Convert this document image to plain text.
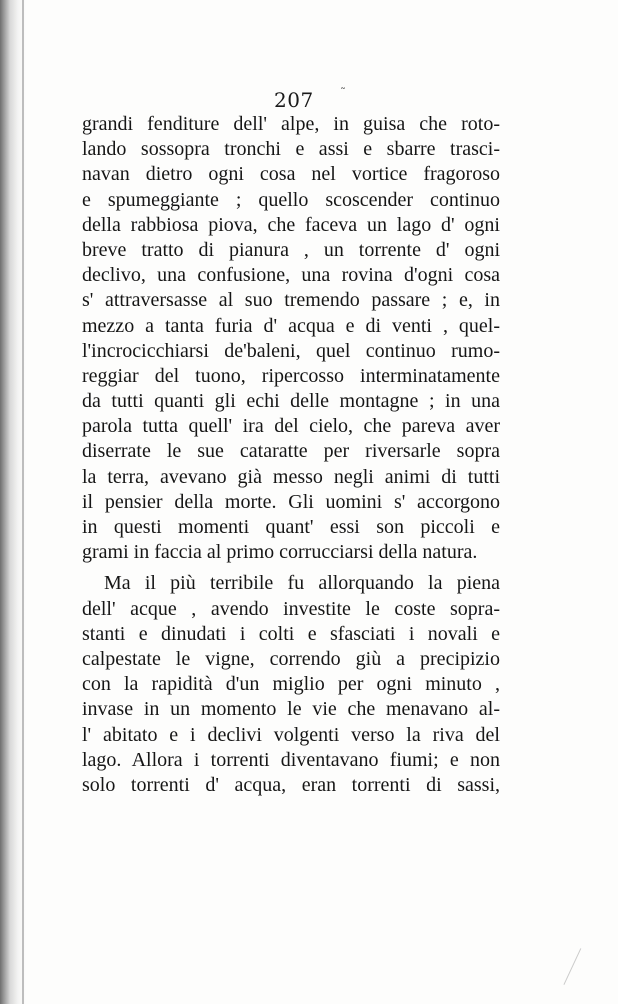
207 ˜
grandi fenditure dell' alpe, in guisa che roto-
lando sossopra tronchi e assi e sbarre trasci-
navan dietro ogni cosa nel vortice fragoroso
e spumeggiante ; quello scoscender continuo
della rabbiosa piova, che faceva un lago d' ogni
breve tratto di pianura , un torrente d' ogni
declivo, una confusione, una rovina d'ogni cosa
s' attraversasse al suo tremendo passare ; e, in
mezzo a tanta furia d' acqua e di venti , quel-
l'incrocicchiarsi de'baleni, quel continuo rumo-
reggiar del tuono, ripercosso interminatamente
da tutti quanti gli echi delle montagne ; in una
parola tutta quell' ira del cielo, che pareva aver
diserrate le sue cataratte per riversarle sopra
la terra, avevano già messo negli animi di tutti
il pensier della morte. Gli uomini s' accorgono
in questi momenti quant' essi son piccoli e
grami in faccia al primo corrucciarsi della natura.
Ma il più terribile fu allorquando la piena
dell' acque , avendo investite le coste sopra-
stanti e dinudati i colti e sfasciati i novali e
calpestate le vigne, correndo giù a precipizio
con la rapidità d'un miglio per ogni minuto ,
invase in un momento le vie che menavano al-
l' abitato e i declivi volgenti verso la riva del
lago. Allora i torrenti diventavano fiumi; e non
solo torrenti d' acqua, eran torrenti di sassi,
